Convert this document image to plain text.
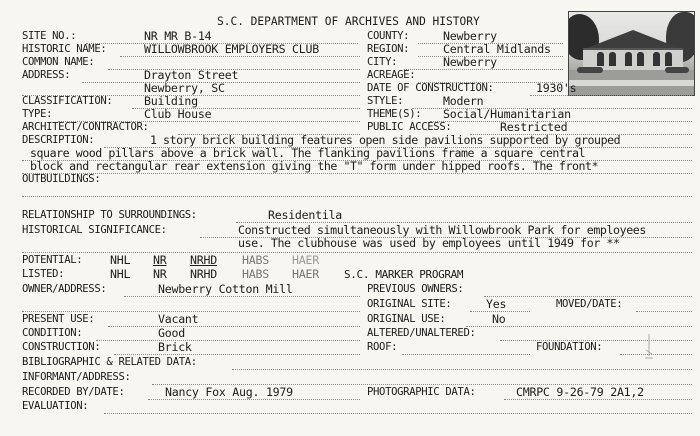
S.C. DEPARTMENT OF ARCHIVES AND HISTORY
SITE NO.:	NR MR B-14
HISTORIC NAME:	WILLOWBROOK EMPLOYERS CLUB
COMMON NAME:
ADDRESS:	Drayton Street
Newberry, SC
CLASSIFICATION:	Building
TYPE:	Club House
ARCHITECT/CONTRACTOR:
COUNTY:	Newberry
REGION:	Central Midlands
CITY:	Newberry
ACREAGE:
DATE OF CONSTRUCTION:	1930's
STYLE:	Modern
THEME(S): Social/Humanitarian
PUBLIC ACCESS:	Restricted
DESCRIPTION:	1 story brick building features open side pavilions supported by grouped
square wood pillars above a brick wall. The flanking pavilions frame a square central
block and rectangular rear extension giving the "T" form under hipped roofs. The front*
OUTBUILDINGS:
RELATIONSHIP TO SURROUNDINGS:	Residentila
HISTORICAL SIGNIFICANCE:	Constructed simultaneously with Willowbrook Park for employees
use. The clubhouse was used by employees until 1949 for **
POTENTIAL: NHL NR NRHD HABS HAER
LISTED:	NHL NR NRHD HABS HAER S.C. MARKER PROGRAM
OWNER/ADDRESS:	Newberry Cotton Mill	PREVIOUS OWNERS:
ORIGINAL SITE:	Yes	MOVED/DATE:
PRESENT USE:	Vacant	ORIGINAL USE:	No
CONDITION:	Good	ALTERED/UNALTERED:
CONSTRUCTION:	Brick	ROOF:	FOUNDATION:
BIBLIOGRAPHIC & RELATED DATA:
INFORMANT/ADDRESS:
RECORDED BY/DATE:	Nancy Fox Aug. 1979	PHOTOGRAPHIC DATA:	CMRPC 9-26-79 2A1,2
EVALUATION:
